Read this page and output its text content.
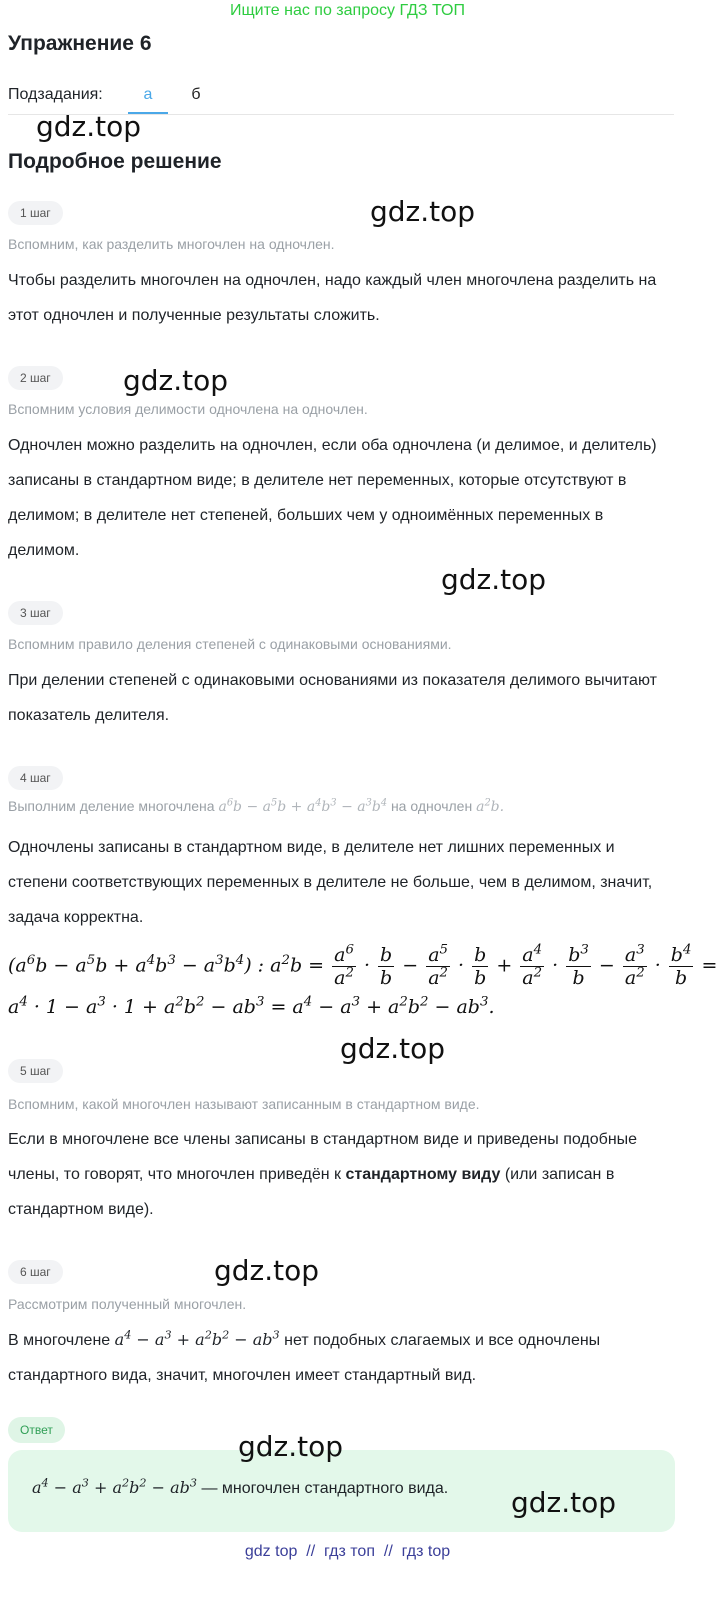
Ищите нас по запросу ГДЗ ТОП
Упражнение 6
Подзадания:	а	б
gdz.top
Подробное решение
1 шаг	gdz.top
Вспомним, как разделить многочлен на одночлен.
Чтобы разделить многочлен на одночлен, надо каждый член многочлена разделить на этот одночлен и полученные результаты сложить.
2 шаг	gdz.top
Вспомним условия делимости одночлена на одночлен.
Одночлен можно разделить на одночлен, если оба одночлена (и делимое, и делитель) записаны в стандартном виде; в делителе нет переменных, которые отсутствуют в делимом; в делителе нет степеней, больших чем у одноимённых переменных в делимом.
gdz.top
3 шаг
Вспомним правило деления степеней с одинаковыми основаниями.
При делении степеней с одинаковыми основаниями из показателя делимого вычитают показатель делителя.
4 шаг
Выполним деление многочлена $a^6b - a^5b + a^4b^3 - a^3b^4$ на одночлен $a^2b$.
Одночлены записаны в стандартном виде, в делителе нет лишних переменных и степени соответствующих переменных в делителе не больше, чем в делимом, значит, задача корректна.
$(a^6b - a^5b + a^4b^3 - a^3b^4)$ : $a^2b = \frac{a^6}{a^2} \cdot \frac{b}{b} - \frac{a^5}{a^2} \cdot \frac{b}{b} + \frac{a^4}{a^2} \cdot \frac{b^3}{b} - \frac{a^3}{a^2} \cdot \frac{b^4}{b}$ =
$a^4 \cdot 1 - a^3 \cdot 1 + a^2b^2 - ab^3 = a^4 - a^3 + a^2b^2 - ab^3$.
gdz.top
5 шаг
Вспомним, какой многочлен называют записанным в стандартном виде.
Если в многочлене все члены записаны в стандартном виде и приведены подобные члены, то говорят, что многочлен приведён к стандартному виду (или записан в стандартном виде).
6 шаг	gdz.top
Рассмотрим полученный многочлен.
В многочлене $a^4 - a^3 + a^2b^2 - ab^3$ нет подобных слагаемых и все одночлены стандартного вида, значит, многочлен имеет стандартный вид.
Ответ	gdz.top
$a^4 - a^3 + a^2b^2 - ab^3$ — многочлен стандартного вида. gdz.top
gdz top  //  гдз топ  //  гдз top
